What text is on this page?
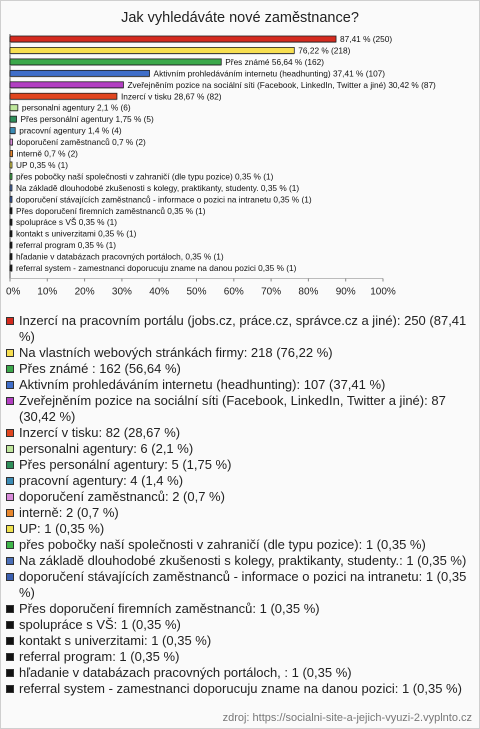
Jak vyhledáváte nové zaměstnance?
87,41 % (250)
76,22 % (218)
Přes známé 56,64 % (162)
Aktivním prohledáváním internetu (headhunting) 37,41 % (107)
Zveřejněním pozice na sociální síti (Facebook, LinkedIn, Twitter a jiné) 30,42 % (87)
Inzercí v tisku 28,67 % (82)
personalni agentury 2,1 % (6)
Přes personální agentury 1,75 % (5)
pracovní agentury 1,4 % (4)
doporučení zaměstnanců 0,7 % (2)
interně 0,7 % (2)
UP 0,35 % (1)
přes pobočky naší společnosti v zahraničí (dle typu pozice) 0,35 % (1)
Na základě dlouhodobé zkušenosti s kolegy, praktikanty, studenty. 0,35 % (1)
doporučení stávajících zaměstnanců - informace o pozici na intranetu 0,35 % (1)
Přes doporučení firemních zaměstnanců 0,35 % (1)
spolupráce s VŠ 0,35 % (1)
kontakt s univerzitami 0,35 % (1)
referral program 0,35 % (1)
hľadanie v databázach pracovných portáloch, 0,35 % (1)
referral system - zamestnanci doporucuju zname na danou pozici 0,35 % (1)
0% 10% 20% 30% 40% 50% 60% 70% 80% 90% 100%
Inzercí na pracovním portálu (jobs.cz, práce.cz, správce.cz a jiné): 250 (87,41 %)
Na vlastních webových stránkách firmy: 218 (76,22 %)
Přes známé : 162 (56,64 %)
Aktivním prohledáváním internetu (headhunting): 107 (37,41 %)
Zveřejněním pozice na sociální síti (Facebook, LinkedIn, Twitter a jiné): 87 (30,42 %)
Inzercí v tisku: 82 (28,67 %)
personalni agentury: 6 (2,1 %)
Přes personální agentury: 5 (1,75 %)
pracovní agentury: 4 (1,4 %)
doporučení zaměstnanců: 2 (0,7 %)
interně: 2 (0,7 %)
UP: 1 (0,35 %)
přes pobočky naší společnosti v zahraničí (dle typu pozice): 1 (0,35 %)
Na základě dlouhodobé zkušenosti s kolegy, praktikanty, studenty.: 1 (0,35 %)
doporučení stávajících zaměstnanců - informace o pozici na intranetu: 1 (0,35 %)
Přes doporučení firemních zaměstnanců: 1 (0,35 %)
spolupráce s VŠ: 1 (0,35 %)
kontakt s univerzitami: 1 (0,35 %)
referral program: 1 (0,35 %)
hľadanie v databázach pracovných portáloch, : 1 (0,35 %)
referral system - zamestnanci doporucuju zname na danou pozici: 1 (0,35 %)
zdroj: https://socialni-site-a-jejich-vyuzi-2.vyplnto.cz
